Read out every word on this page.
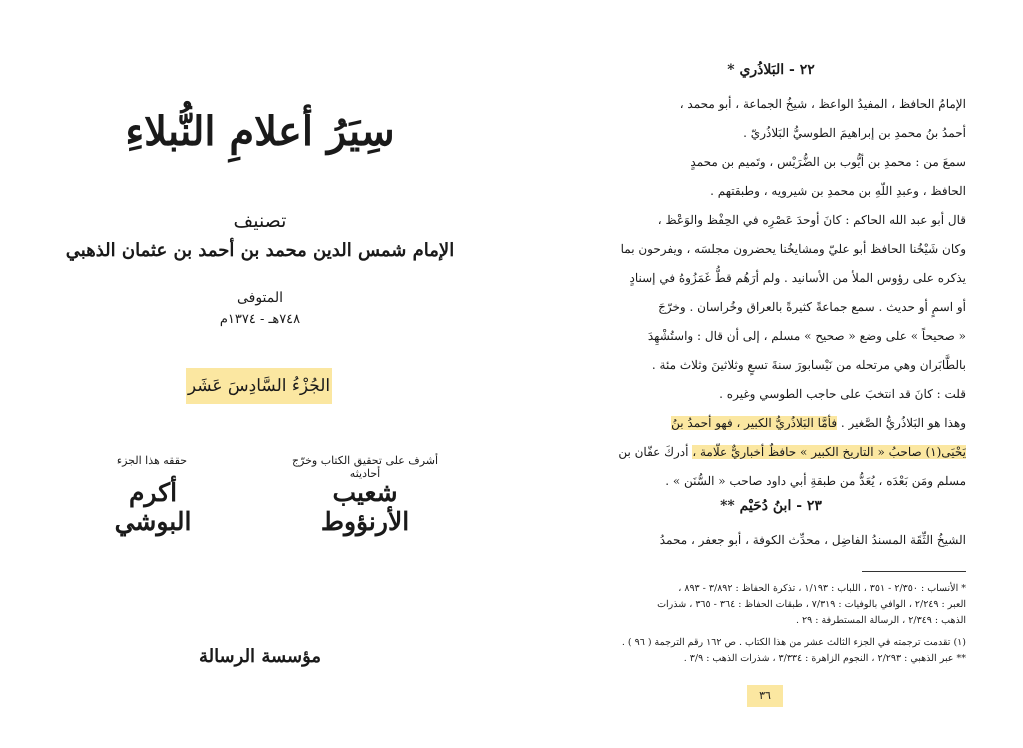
سِيَرُ أعلامِ النُّبلاءِ
تصنيف
الإمام شمس الدين محمد بن أحمد بن عثمان الذهبي
المتوفى
٧٤٨هـ - ١٣٧٤م
الجُزْءُ السَّادِسَ عَشَر
أشرف على تحقيق الكتاب وخرّج أحاديثه
شعيب الأرنؤوط
حققه هذا الجزء
أكرم البوشي
مؤسسة الرسالة
٢٢ - البَلاذُري *
الإمامُ الحافظ ، المفيدُ الواعظ ، شيخُ الجماعة ، أبو محمد ،
أحمدُ بنُ محمدِ بن إبراهيمَ الطوسيُّ البَلاذُريّ .
سمعَ من : محمدِ بن أيُّوب بن الضُّرَيْس ، وتَميم بن محمدٍ
الحافظ ، وعبدِ اللّهِ بن محمدِ بن شيرويه ، وطبقتهم .
قال أبو عبد الله الحاكم : كانَ أوحدَ عَصْرِه في الحِفْظ والوَعْظ ،
وكان شَيْخُنا الحافظ أبو عليّ ومشايخُنا يحضرون مجلسَه ، ويفرحون بما
يذكره على رؤوس الملأ من الأسانيد . ولم أرَهُم قطُّ غَمَزُوهُ في إسنادٍ
أو اسمٍ أو حديث . سمع جماعةً كثيرةً بالعراق وخُراسان . وخرّجَ
« صحيحاً » على وضع « صحيح » مسلم ، إلى أن قال : واستُشْهِدَ
بالطَّابَران وهي مرتحله من نَيْسابورَ سنةَ تسعٍ وثلاثينَ وثلاث مئة .
قلت : كانَ قد انتخبَ على حاجب الطوسي وغيره .
وهذا هو البَلاذُريُّ الصَّغير . فأمَّا البَلاذُريُّ الكبير ، فهو أحمدُ بنُ
يَحْيَى(١) صاحبُ « التاريخ الكبير » حافظٌ أخباريٌّ علّامة ، أدركَ عفّان بن
مسلم ومَن بَعْدَه ، يُعَدُّ من طبقةِ أبي داود صاحب « السُّنَن » .
٢٣ - ابنُ دُحَيْم **
الشيخُ الثِّقَة المسندُ الفاضِل ، محدِّث الكوفة ، أبو جعفر ، محمدُ
* الأنساب : ٢/٣٥٠ - ٣٥١ ، اللباب : ١/١٩٣ ، تذكرة الحفاظ : ٣/٨٩٢ - ٨٩٣ ،
العبر : ٢/٢٤٩ ، الوافي بالوفيات : ٧/٣١٩ ، طبقات الحفاظ : ٣٦٤ - ٣٦٥ ، شذرات
الذهب : ٢/٣٤٩ ، الرسالة المستطرفة : ٢٩ .
(١) تقدمت ترجمته في الجزء الثالث عشر من هذا الكتاب . ص ١٦٢ رقم الترجمة ( ٩٦ ) .
** عبر الذهبي : ٢/٢٩٣ ، النجوم الزاهرة : ٣/٣٣٤ ، شذرات الذهب : ٣/٩ .
٣٦
